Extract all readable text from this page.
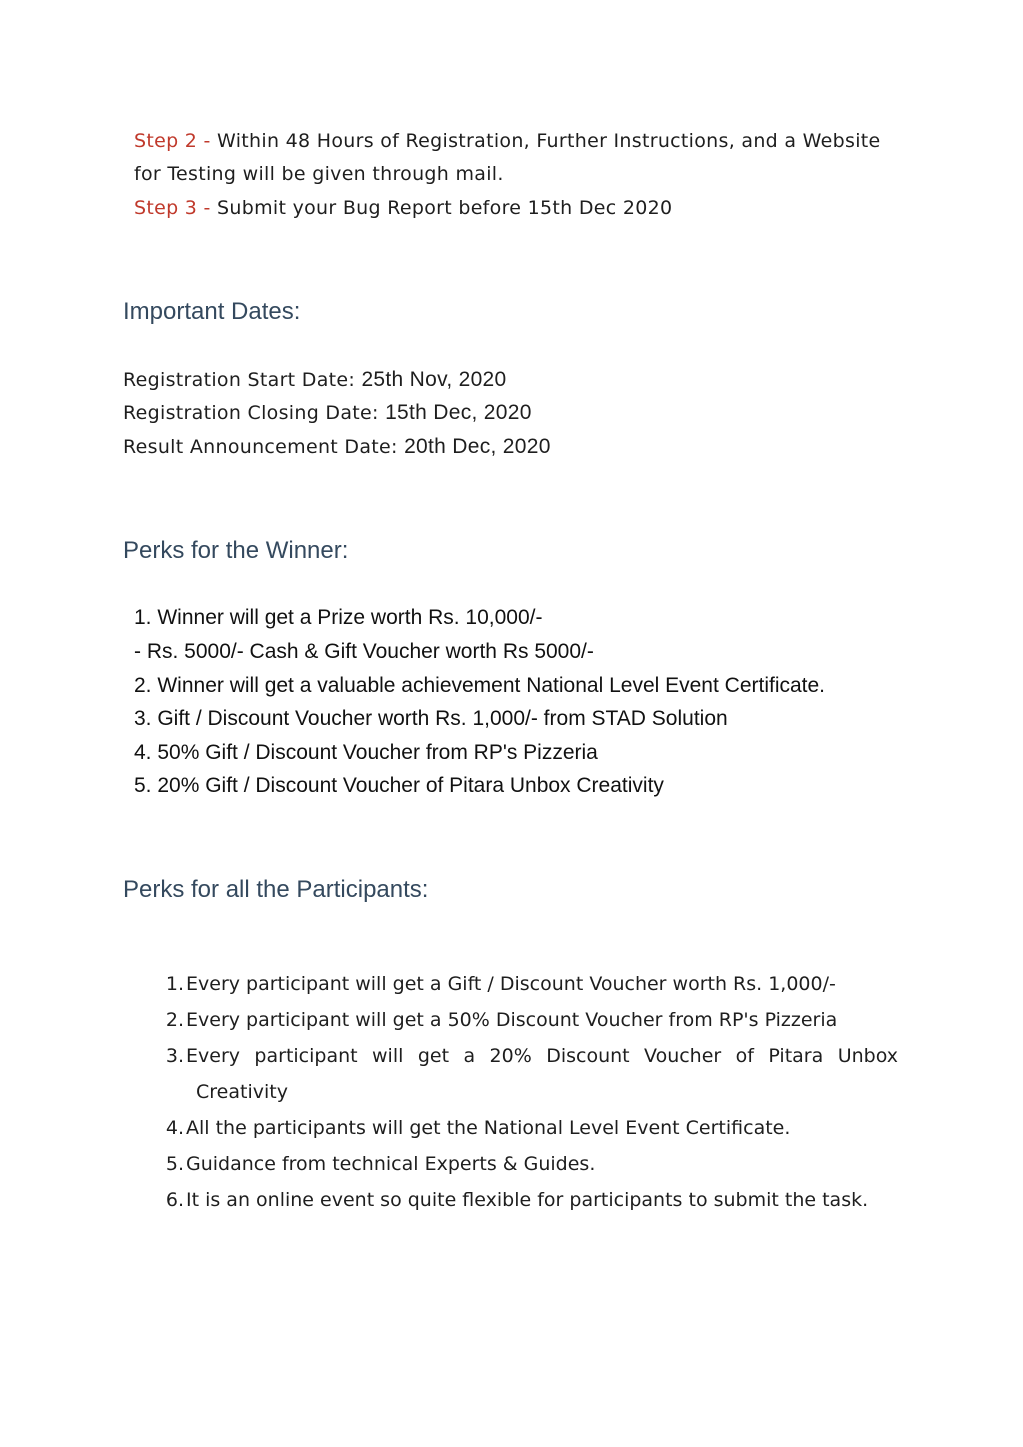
Step 2 - Within 48 Hours of Registration, Further Instructions, and a Website
for Testing will be given through mail.
Step 3 - Submit your Bug Report before 15th Dec 2020
Important Dates:
Registration Start Date: 25th Nov, 2020
Registration Closing Date: 15th Dec, 2020
Result Announcement Date: 20th Dec, 2020
Perks for the Winner:
1. Winner will get a Prize worth Rs. 10,000/-
- Rs. 5000/- Cash & Gift Voucher worth Rs 5000/-
2. Winner will get a valuable achievement National Level Event Certificate.
3. Gift / Discount Voucher worth Rs. 1,000/- from STAD Solution
4. 50% Gift / Discount Voucher from RP's Pizzeria
5. 20% Gift / Discount Voucher of Pitara Unbox Creativity
Perks for all the Participants:
1. Every participant will get a Gift / Discount Voucher worth Rs. 1,000/-
2. Every participant will get a 50% Discount Voucher from RP's Pizzeria
3. Every participant will get a 20% Discount Voucher of Pitara Unbox
Creativity
4. All the participants will get the National Level Event Certificate.
5. Guidance from technical Experts & Guides.
6. It is an online event so quite flexible for participants to submit the task.
